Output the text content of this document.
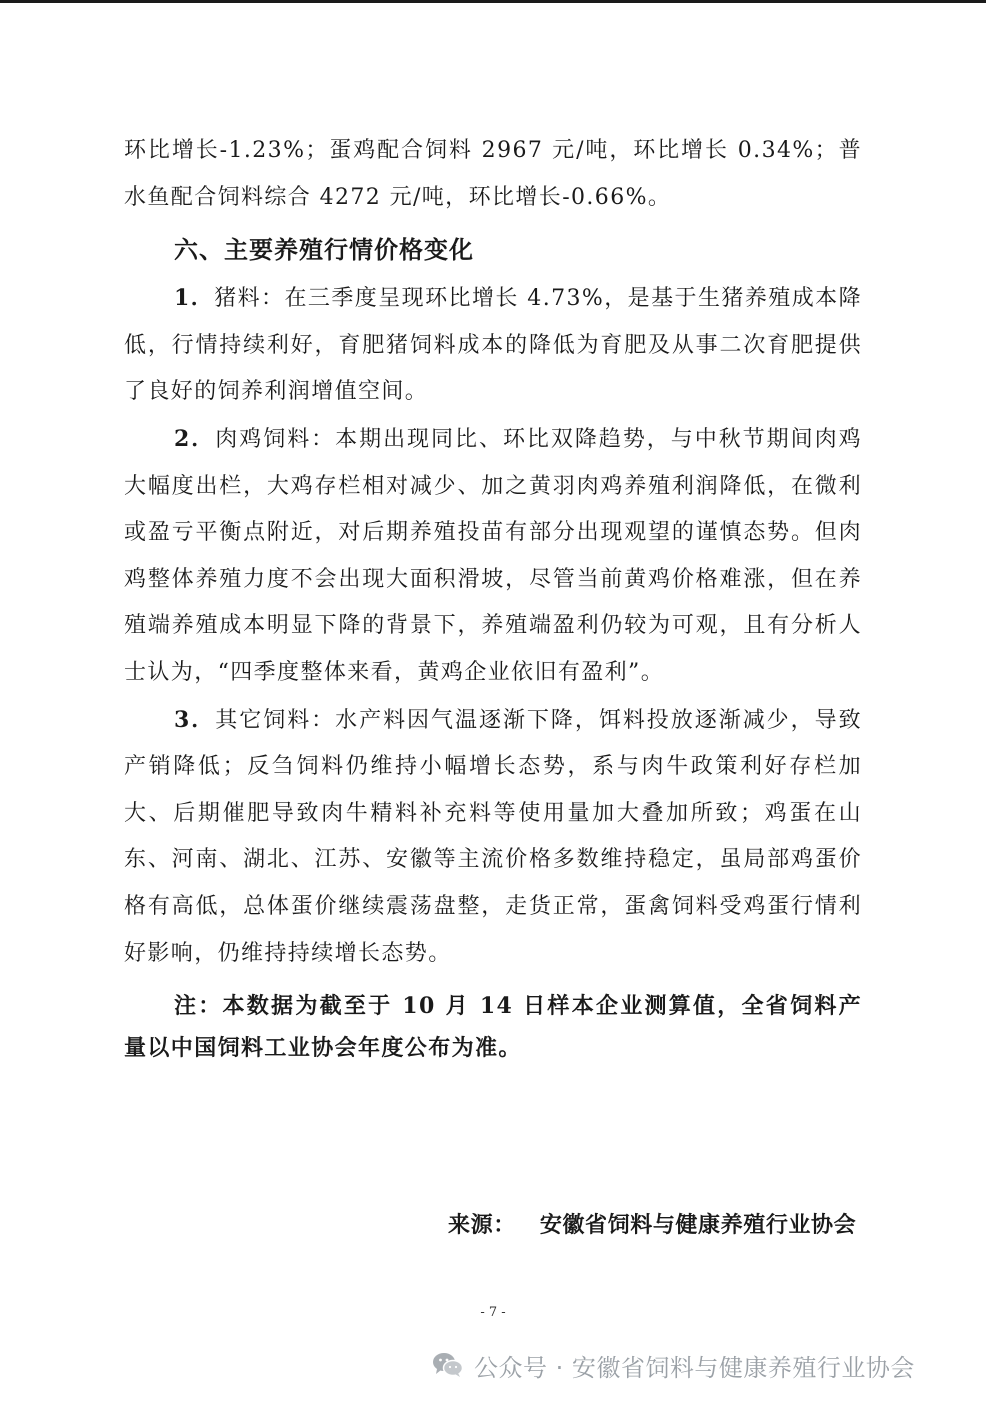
环比增长-1.23%；蛋鸡配合饲料 2967 元/吨，环比增长 0.34%；普水鱼配合饲料综合 4272 元/吨，环比增长-0.66%。

六、主要养殖行情价格变化

1．猪料：在三季度呈现环比增长 4.73%，是基于生猪养殖成本降低，行情持续利好，育肥猪饲料成本的降低为育肥及从事二次育肥提供了良好的饲养利润增值空间。

2．肉鸡饲料：本期出现同比、环比双降趋势，与中秋节期间肉鸡大幅度出栏，大鸡存栏相对减少、加之黄羽肉鸡养殖利润降低，在微利或盈亏平衡点附近，对后期养殖投苗有部分出现观望的谨慎态势。但肉鸡整体养殖力度不会出现大面积滑坡，尽管当前黄鸡价格难涨，但在养殖端养殖成本明显下降的背景下，养殖端盈利仍较为可观，且有分析人士认为，“四季度整体来看，黄鸡企业依旧有盈利”。

3．其它饲料：水产料因气温逐渐下降，饵料投放逐渐减少，导致产销降低；反刍饲料仍维持小幅增长态势，系与肉牛政策利好存栏加大、后期催肥导致肉牛精料补充料等使用量加大叠加所致；鸡蛋在山东、河南、湖北、江苏、安徽等主流价格多数维持稳定，虽局部鸡蛋价格有高低，总体蛋价继续震荡盘整，走货正常，蛋禽饲料受鸡蛋行情利好影响，仍维持持续增长态势。

注：本数据为截至于 10 月 14 日样本企业测算值，全省饲料产量以中国饲料工业协会年度公布为准。

来源： 安徽省饲料与健康养殖行业协会
- 7 -
公众号 · 安徽省饲料与健康养殖行业协会
